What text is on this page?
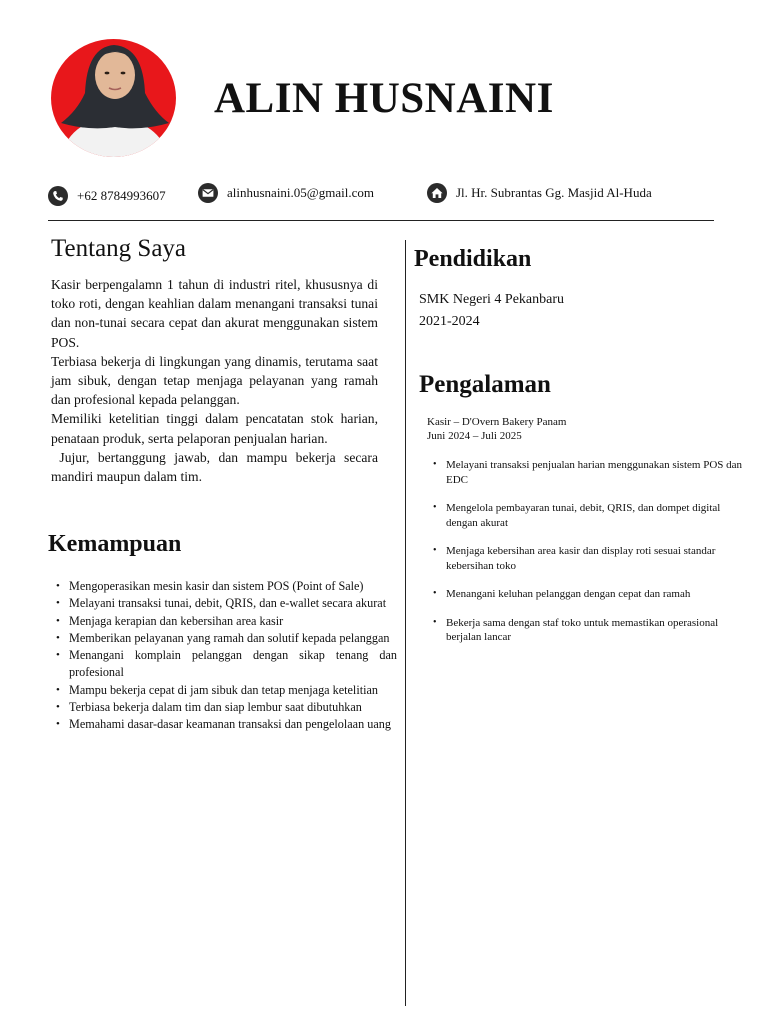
ALIN HUSNAINI
+62 8784993607	alinhusnaini.05@gmail.com	Jl. Hr. Subrantas Gg. Masjid Al-Huda
Tentang Saya

Kasir berpengalamn 1 tahun di industri ritel, khususnya di toko roti, dengan keahlian dalam menangani transaksi tunai dan non-tunai secara cepat dan akurat menggunakan sistem POS.

Terbiasa bekerja di lingkungan yang dinamis, terutama saat jam sibuk, dengan tetap menjaga pelayanan yang ramah dan profesional kepada pelanggan.

Memiliki ketelitian tinggi dalam pencatatan stok harian, penataan produk, serta pelaporan penjualan harian.

Jujur, bertanggung jawab, dan mampu bekerja secara mandiri maupun dalam tim.

Kemampuan
• Mengoperasikan mesin kasir dan sistem POS (Point of Sale)
• Melayani transaksi tunai, debit, QRIS, dan e-wallet secara akurat
• Menjaga kerapian dan kebersihan area kasir
• Memberikan pelayanan yang ramah dan solutif kepada pelanggan
• Menangani komplain pelanggan dengan sikap tenang dan profesional
• Mampu bekerja cepat di jam sibuk dan tetap menjaga ketelitian
• Terbiasa bekerja dalam tim dan siap lembur saat dibutuhkan
• Memahami dasar-dasar keamanan transaksi dan pengelolaan uang
Pendidikan
SMK Negeri 4 Pekanbaru
2021-2024
Pengalaman
Kasir – D'Overn Bakery Panam
Juni 2024 – Juli 2025
• Melayani transaksi penjualan harian menggunakan sistem POS dan EDC
• Mengelola pembayaran tunai, debit, QRIS, dan dompet digital dengan akurat
• Menjaga kebersihan area kasir dan display roti sesuai standar kebersihan toko
• Menangani keluhan pelanggan dengan cepat dan ramah
• Bekerja sama dengan staf toko untuk memastikan operasional berjalan lancar
